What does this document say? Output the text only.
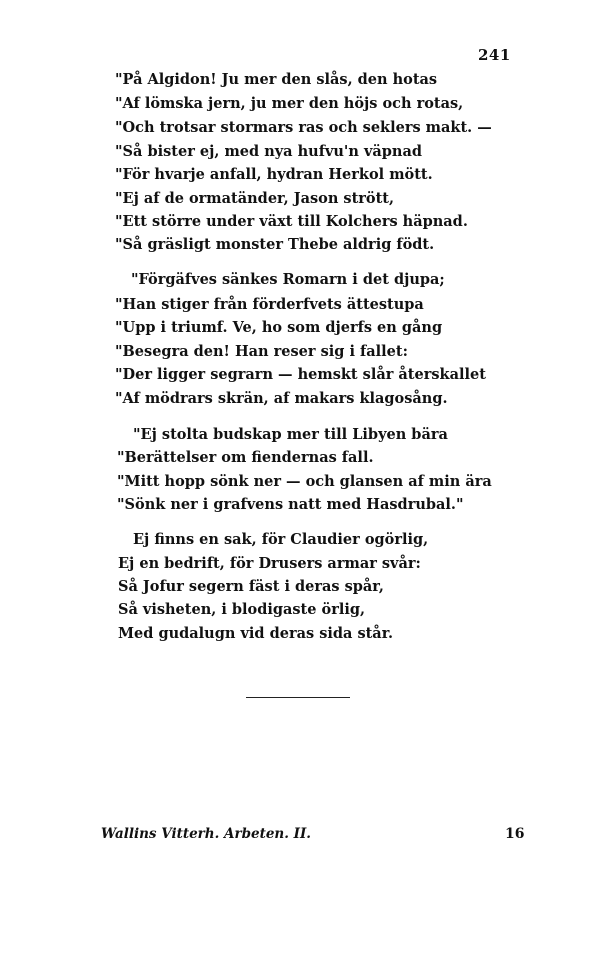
241
"På Algidon! Ju mer den slås, den hotas
"Af lömska jern, ju mer den höjs och rotas,
"Och trotsar stormars ras och seklers makt. —
"Så bister ej, med nya hufvu'n väpnad
"För hvarje anfall, hydran Herkol mött.
"Ej af de ormatänder, Jason strött,
"Ett större under växt till Kolchers häpnad.
"Så gräsligt monster Thebe aldrig födt.
"Förgäfves sänkes Romarn i det djupa;
"Han stiger från förderfvets ättestupa
"Upp i triumf. Ve, ho som djerfs en gång
"Besegra den! Han reser sig i fallet:
"Der ligger segrarn — hemskt slår återskallet
"Af mödrars skrän, af makars klagosång.
"Ej stolta budskap mer till Libyen bära
"Berättelser om fiendernas fall.
"Mitt hopp sönk ner — och glansen af min ära
"Sönk ner i grafvens natt med Hasdrubal."
Ej finns en sak, för Claudier ogörlig,
Ej en bedrift, för Drusers armar svår:
Så Jofur segern fäst i deras spår,
Så visheten, i blodigaste örlig,
Med gudalugn vid deras sida står.
Wallins Vitterh. Arbeten. II.	16
